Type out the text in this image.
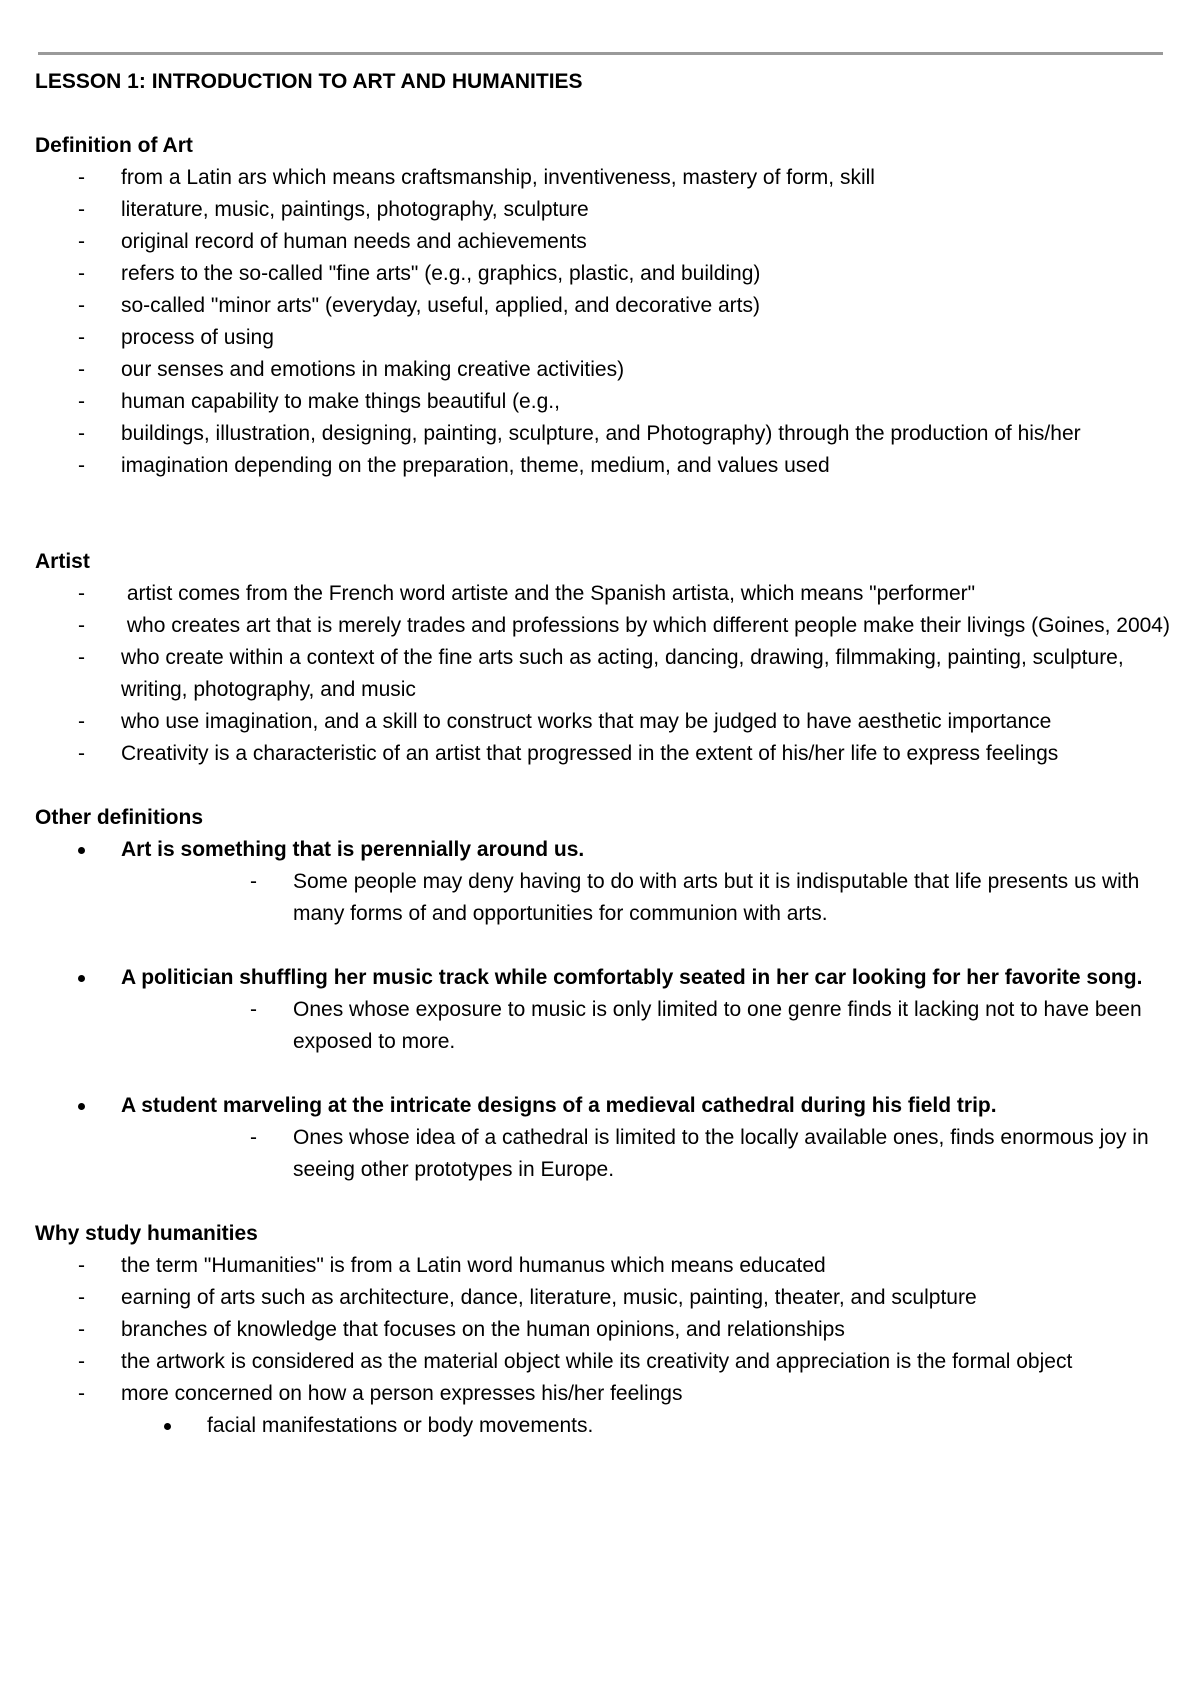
LESSON 1: INTRODUCTION TO ART AND HUMANITIES

Definition of Art

- from a Latin ars which means craftsmanship, inventiveness, mastery of form, skill
- literature, music, paintings, photography, sculpture
- original record of human needs and achievements
- refers to the so-called "fine arts" (e.g., graphics, plastic, and building)
- so-called "minor arts" (everyday, useful, applied, and decorative arts)
- process of using
- our senses and emotions in making creative activities)
- human capability to make things beautiful (e.g.,
- buildings, illustration, designing, painting, sculpture, and Photography) through the production of his/her
- imagination depending on the preparation, theme, medium, and values used

Artist

-  artist comes from the French word artiste and the Spanish artista, which means "performer"
-  who creates art that is merely trades and professions by which different people make their livings (Goines, 2004)
- who create within a context of the fine arts such as acting, dancing, drawing, filmmaking, painting, sculpture, writing, photography, and music
- who use imagination, and a skill to construct works that may be judged to have aesthetic importance
- Creativity is a characteristic of an artist that progressed in the extent of his/her life to express feelings

Other definitions

Art is something that is perennially around us.
- Some people may deny having to do with arts but it is indisputable that life presents us with many forms of and opportunities for communion with arts.
A politician shuffling her music track while comfortably seated in her car looking for her favorite song.
- Ones whose exposure to music is only limited to one genre finds it lacking not to have been exposed to more.
A student marveling at the intricate designs of a medieval cathedral during his field trip.
- Ones whose idea of a cathedral is limited to the locally available ones, finds enormous joy in seeing other prototypes in Europe.

Why study humanities

- the term "Humanities" is from a Latin word humanus which means educated
- earning of arts such as architecture, dance, literature, music, painting, theater, and sculpture
- branches of knowledge that focuses on the human opinions, and relationships
- the artwork is considered as the material object while its creativity and appreciation is the formal object
- more concerned on how a person expresses his/her feelings
facial manifestations or body movements.
